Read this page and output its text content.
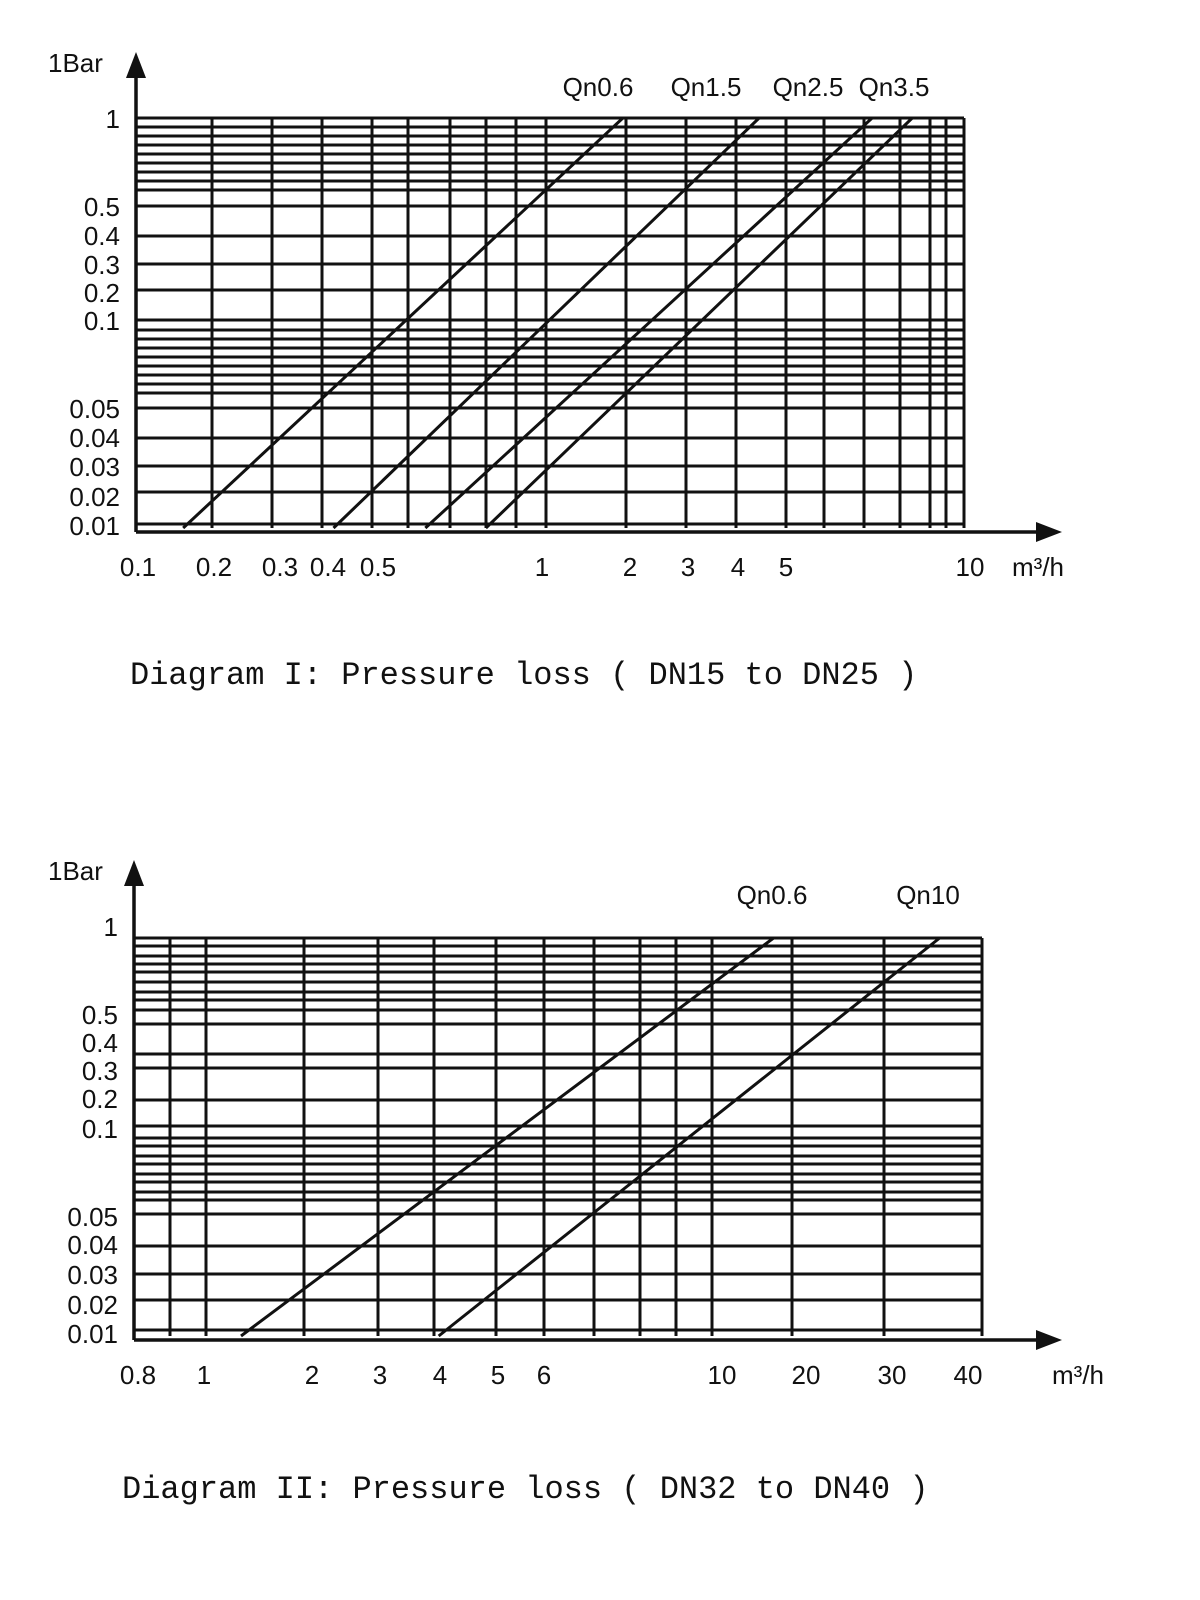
1Bar
m³/h
1
0.5
0.4
0.3
0.2
0.1
0.05
0.04
0.03
0.02
0.01
0.1 0.2 0.3 0.4 0.5	1	2 3 4 5	10
Qn0.6 Qn1.5 Qn2.5 Qn3.5
Diagram I: Pressure loss ( DN15 to DN25 )
1Bar
m³/h
1
0.5
0.4
0.3
0.2
0.1
0.05
0.04
0.03
0.02
0.01
0.8 1	2 3 4 5 6	10 20 30 40
Qn0.6	Qn10
Diagram II: Pressure loss ( DN32 to DN40 )
